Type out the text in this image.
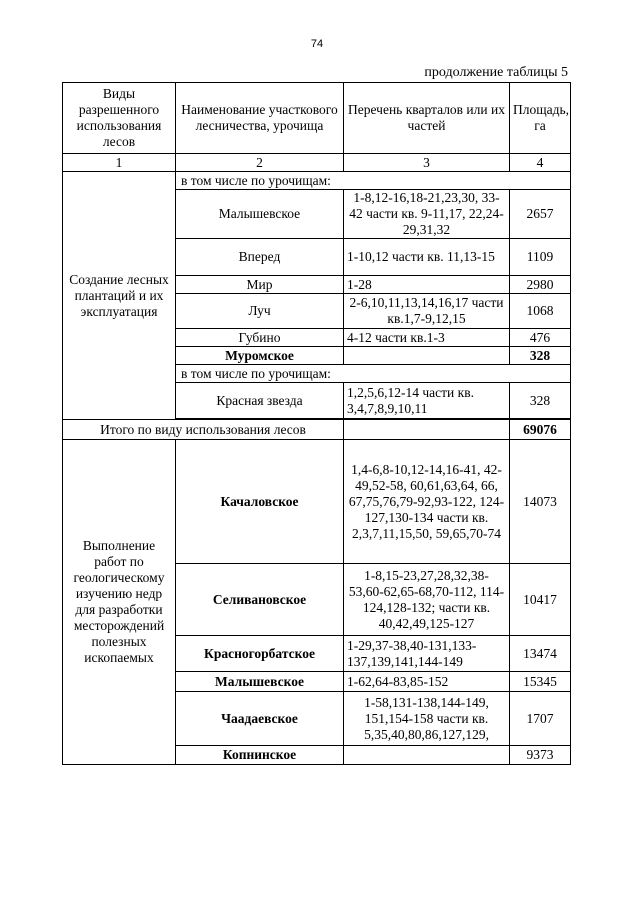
74
продолжение таблицы 5
Виды разрешенного использования лесов	Наименование участкового лесничества, урочища	Перечень кварталов или их частей	Площадь, га
1	2	3	4
Создание лесных плантаций и их эксплуатация	в том числе по урочищам:		
	Малышевское	1-8,12-16,18-21,23,30, 33-42 части кв. 9-11,17, 22,24-29,31,32	2657
	Вперед	1-10,12 части кв. 11,13-15	1109
	Мир	1-28	2980
	Луч	2-6,10,11,13,14,16,17 части кв.1,7-9,12,15	1068
	Губино	4-12 части кв.1-3	476
	Муромское		328
	в том числе по урочищам:		
	Красная звезда	1,2,5,6,12-14 части кв. 3,4,7,8,9,10,11	328

Итого по виду использования лесов			69076
Выполнение работ по геологическому изучению недр для разработки месторождений полезных ископаемых	Качаловское	1,4-6,8-10,12-14,16-41, 42-49,52-58, 60,61,63,64, 66, 67,75,76,79-92,93-122, 124-127,130-134 части кв. 2,3,7,11,15,50, 59,65,70-74	14073
	Селивановское	1-8,15-23,27,28,32,38-53,60-62,65-68,70-112, 114-124,128-132; части кв. 40,42,49,125-127	10417
	Красногорбатское	1-29,37-38,40-131,133-137,139,141,144-149	13474
	Малышевское	1-62,64-83,85-152	15345
	Чаадаевское	1-58,131-138,144-149, 151,154-158 части кв. 5,35,40,80,86,127,129,	1707
	Копнинское		9373
